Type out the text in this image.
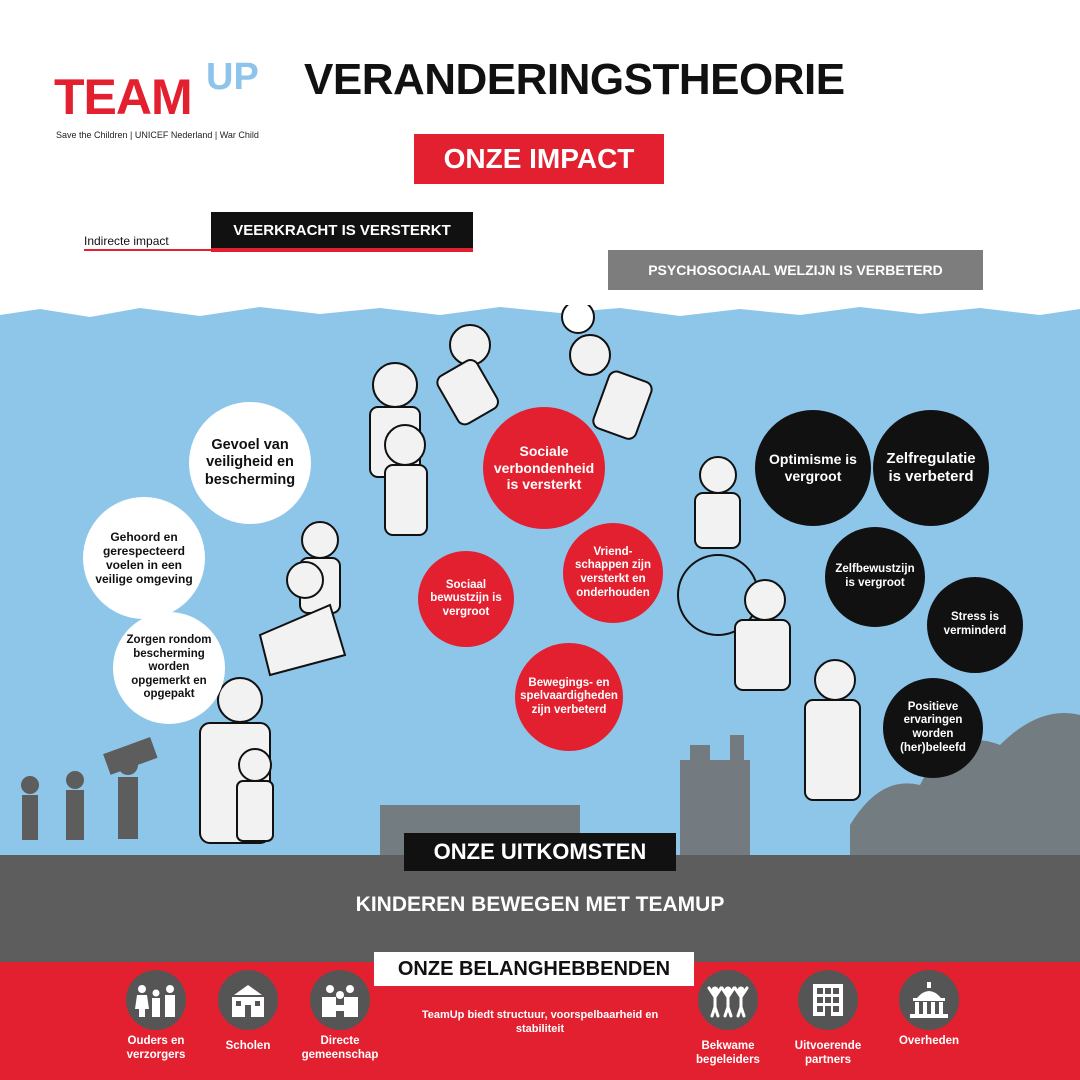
TEAM UP
Save the Children | UNICEF Nederland | War Child
VERANDERINGSTHEORIE
ONZE IMPACT
Indirecte impact
VEERKRACHT IS VERSTERKT
PSYCHOSOCIAAL WELZIJN IS VERBETERD
Gevoel van veiligheid en bescherming
Gehoord en gerespecteerd voelen in een veilige omgeving
Zorgen rondom bescherming worden opgemerkt en opgepakt
Sociale verbondenheid is versterkt
Vriend-schappen zijn versterkt en onderhouden
Sociaal bewustzijn is vergroot
Bewegings- en spelvaardigheden zijn verbeterd
Optimisme is vergroot
Zelfregulatie is verbeterd
Zelfbewustzijn is vergroot
Stress is verminderd
Positieve ervaringen worden (her)beleefd
ONZE UITKOMSTEN
KINDEREN BEWEGEN MET TEAMUP
ONZE BELANGHEBBENDEN
TeamUp biedt structuur, voorspelbaarheid en stabiliteit
Ouders en verzorgers
Scholen	Directe gemeenschap
Bekwame begeleiders
Uitvoerende partners
Overheden
